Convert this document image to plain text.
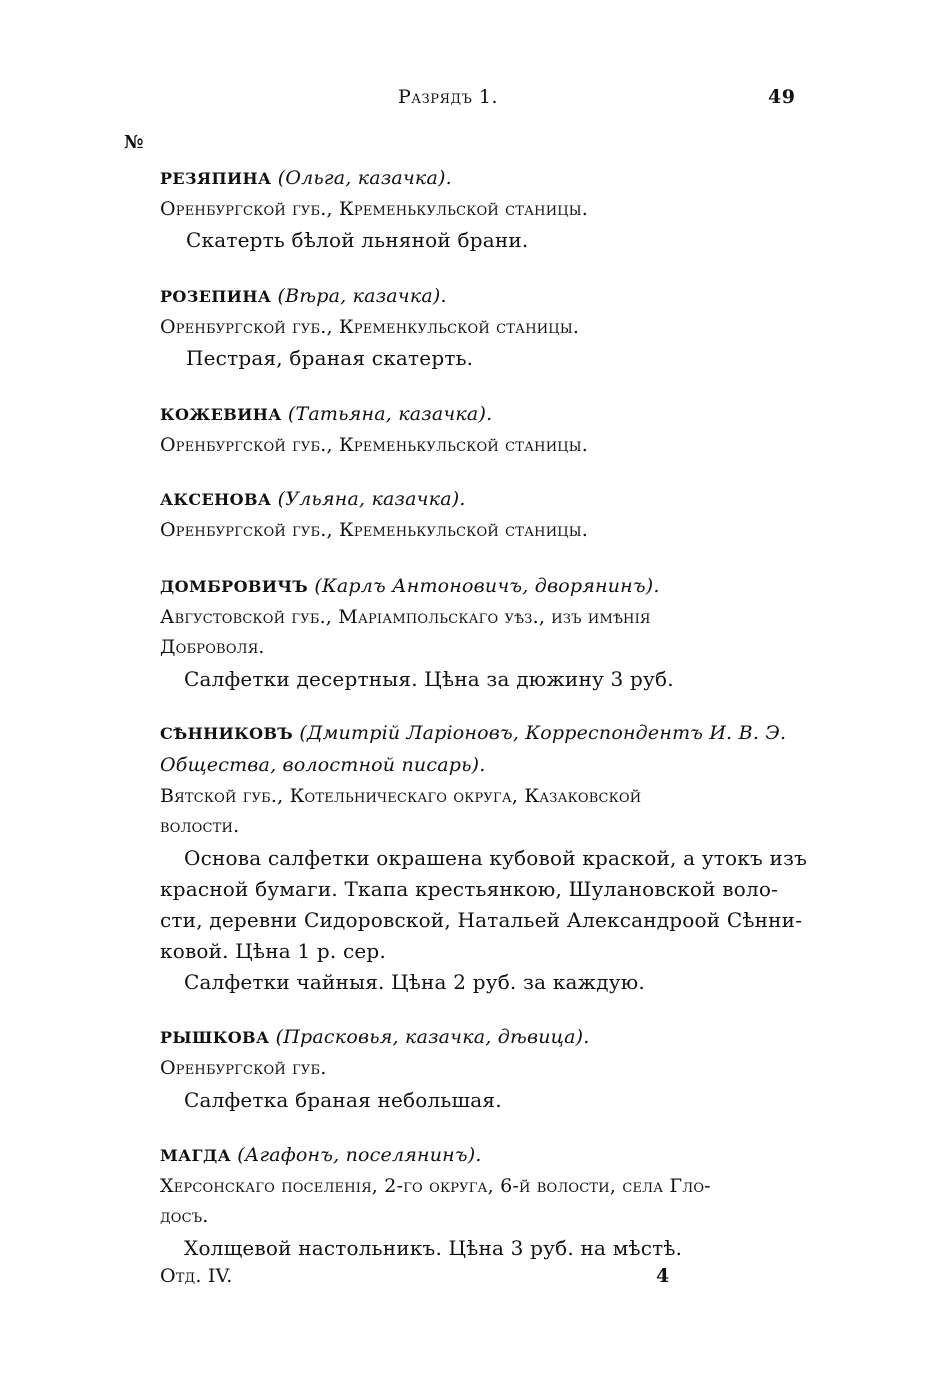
Разрядъ 1.	49
№
РЕЗЯПИНА (Ольга, казачка).
Оренбургской губ., Кременькульской станицы.
Скатерть бѣлой льняной брани.
РОЗЕПИНА (Вѣра, казачка).
Оренбургской губ., Кременкульской станицы.
Пестрая, браная скатерть.
КОЖЕВИНА (Татьяна, казачка).
Оренбургской губ., Кременькульской станицы.
АКСЕНОВА (Ульяна, казачка).
Оренбургской губ., Кременькульской станицы.
ДОМБРОВИЧЪ (Карлъ Антоновичъ, дворянинъ).
Августовской губ., Маріампольскаго уѣз., изъ имѣнія
Доброволя.
Салфетки десертныя. Цѣна за дюжину 3 руб.
СѢННИКОВЪ (Дмитрій Ларіоновъ, Корреспондентъ И. В. Э.
Общества, волостной писарь).
Вятской губ., Котельническаго округа, Казаковской
волости.
Основа салфетки окрашена кубовой краской, а утокъ изъ
красной бумаги. Ткапа крестьянкою, Шулановской воло-
сти, деревни Сидоровской, Натальей Александроой Сѣнни-
ковой. Цѣна 1 р. сер.
Салфетки чайныя. Цѣна 2 руб. за каждую.
РЫШКОВА (Прасковья, казачка, дѣвица).
Оренбургской губ.
Салфетка браная небольшая.
МАГДА (Агафонъ, поселянинъ).
Херсонскаго поселенія, 2-го округа, 6-й волости, села Гло-
досъ.
Холщевой настольникъ. Цѣна 3 руб. на мѣстѣ.
Отд. IV.	4
